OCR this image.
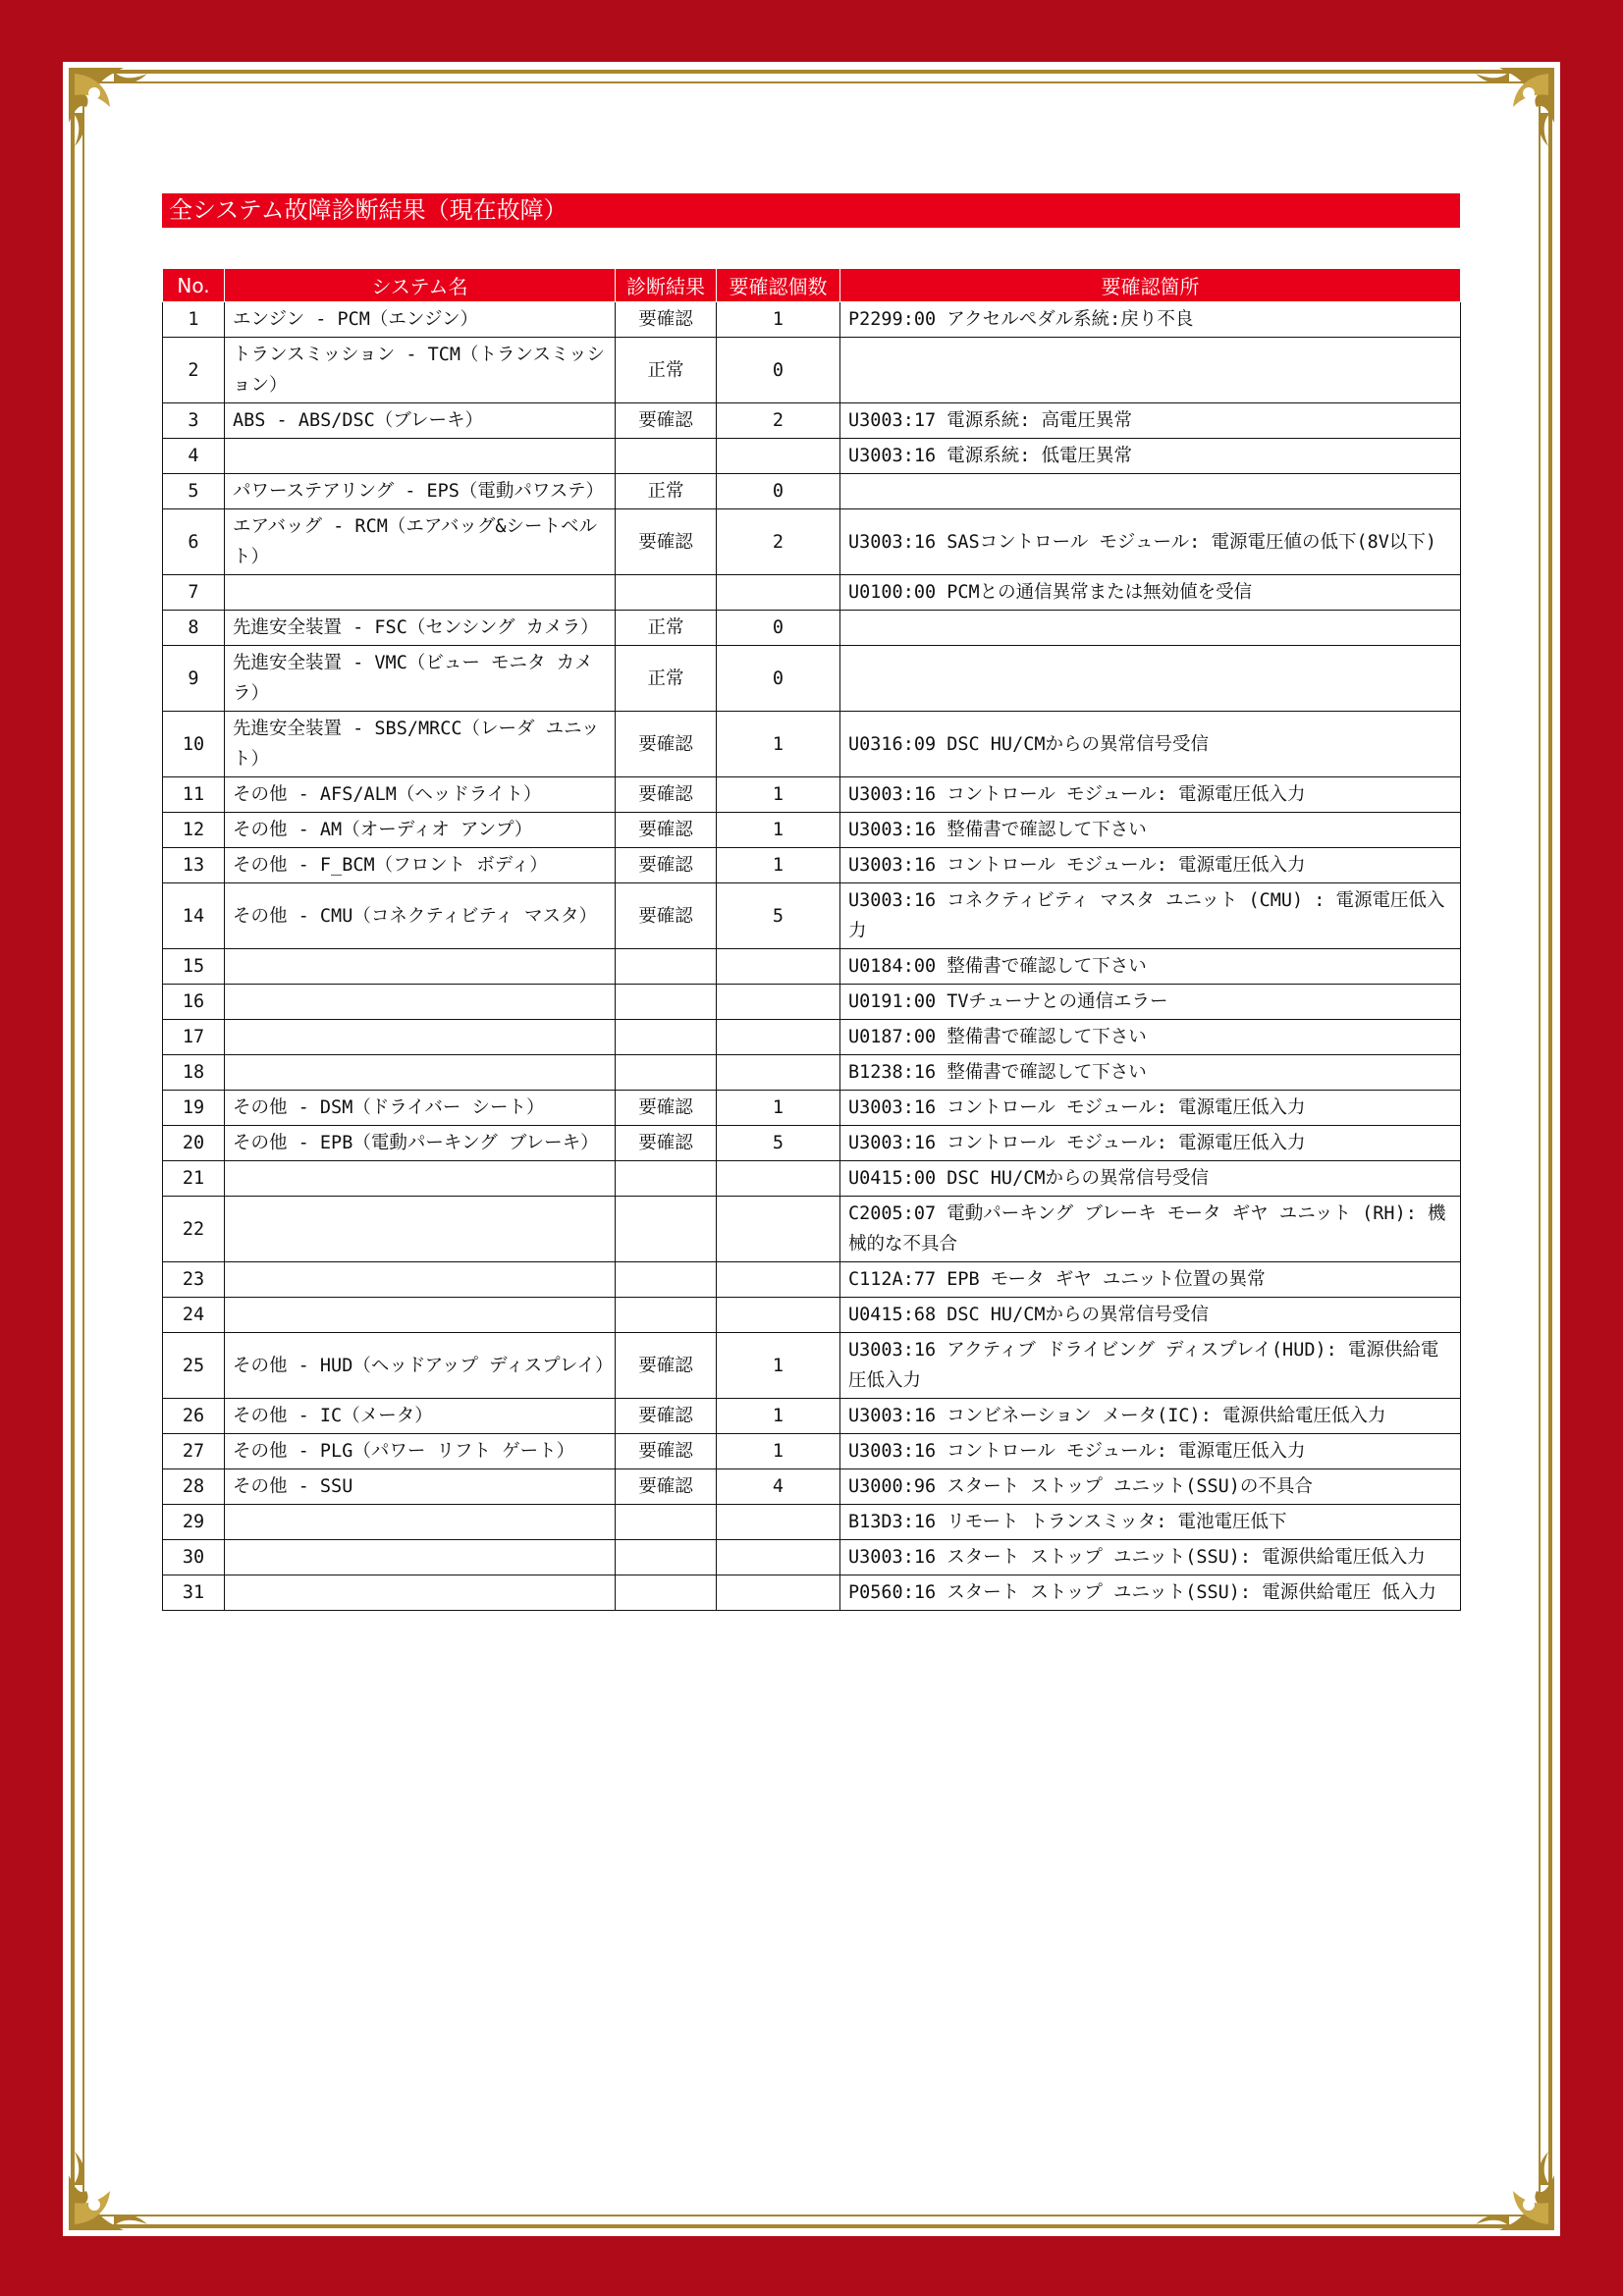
全システム故障診断結果（現在故障）
No.	システム名	診断結果	要確認個数	要確認箇所
1	エンジン - PCM（エンジン）	要確認	1	P2299:00 アクセルペダル系統:戻り不良
2	トランスミッション - TCM（トランスミッション）	正常	0	
3	ABS - ABS/DSC（ブレーキ）	要確認	2	U3003:17 電源系統: 高電圧異常
4				U3003:16 電源系統: 低電圧異常
5	パワーステアリング - EPS（電動パワステ）	正常	0	
6	エアバッグ - RCM（エアバッグ&シートベルト）	要確認	2	U3003:16 SASコントロール モジュール: 電源電圧値の低下(8V以下)
7				U0100:00 PCMとの通信異常または無効値を受信
8	先進安全装置 - FSC（センシング カメラ）	正常	0	
9	先進安全装置 - VMC（ビュー モニタ カメラ）	正常	0	
10	先進安全装置 - SBS/MRCC（レーダ ユニット）	要確認	1	U0316:09 DSC HU/CMからの異常信号受信
11	その他 - AFS/ALM（ヘッドライト）	要確認	1	U3003:16 コントロール モジュール: 電源電圧低入力
12	その他 - AM（オーディオ アンプ）	要確認	1	U3003:16 整備書で確認して下さい
13	その他 - F_BCM（フロント ボディ）	要確認	1	U3003:16 コントロール モジュール: 電源電圧低入力
14	その他 - CMU（コネクティビティ マスタ）	要確認	5	U3003:16 コネクティビティ マスタ ユニット (CMU) : 電源電圧低入力
15				U0184:00 整備書で確認して下さい
16				U0191:00 TVチューナとの通信エラー
17				U0187:00 整備書で確認して下さい
18				B1238:16 整備書で確認して下さい
19	その他 - DSM（ドライバー シート）	要確認	1	U3003:16 コントロール モジュール: 電源電圧低入力
20	その他 - EPB（電動パーキング ブレーキ）	要確認	5	U3003:16 コントロール モジュール: 電源電圧低入力
21				U0415:00 DSC HU/CMからの異常信号受信
22				C2005:07 電動パーキング ブレーキ モータ ギヤ ユニット (RH): 機械的な不具合
23				C112A:77 EPB モータ ギヤ ユニット位置の異常
24				U0415:68 DSC HU/CMからの異常信号受信
25	その他 - HUD（ヘッドアップ ディスプレイ）	要確認	1	U3003:16 アクティブ ドライビング ディスプレイ(HUD): 電源供給電圧低入力
26	その他 - IC（メータ）	要確認	1	U3003:16 コンビネーション メータ(IC): 電源供給電圧低入力
27	その他 - PLG（パワー リフト ゲート）	要確認	1	U3003:16 コントロール モジュール: 電源電圧低入力
28	その他 - SSU	要確認	4	U3000:96 スタート ストップ ユニット(SSU)の不具合
29				B13D3:16 リモート トランスミッタ: 電池電圧低下
30				U3003:16 スタート ストップ ユニット(SSU): 電源供給電圧低入力
31				P0560:16 スタート ストップ ユニット(SSU): 電源供給電圧 低入力
